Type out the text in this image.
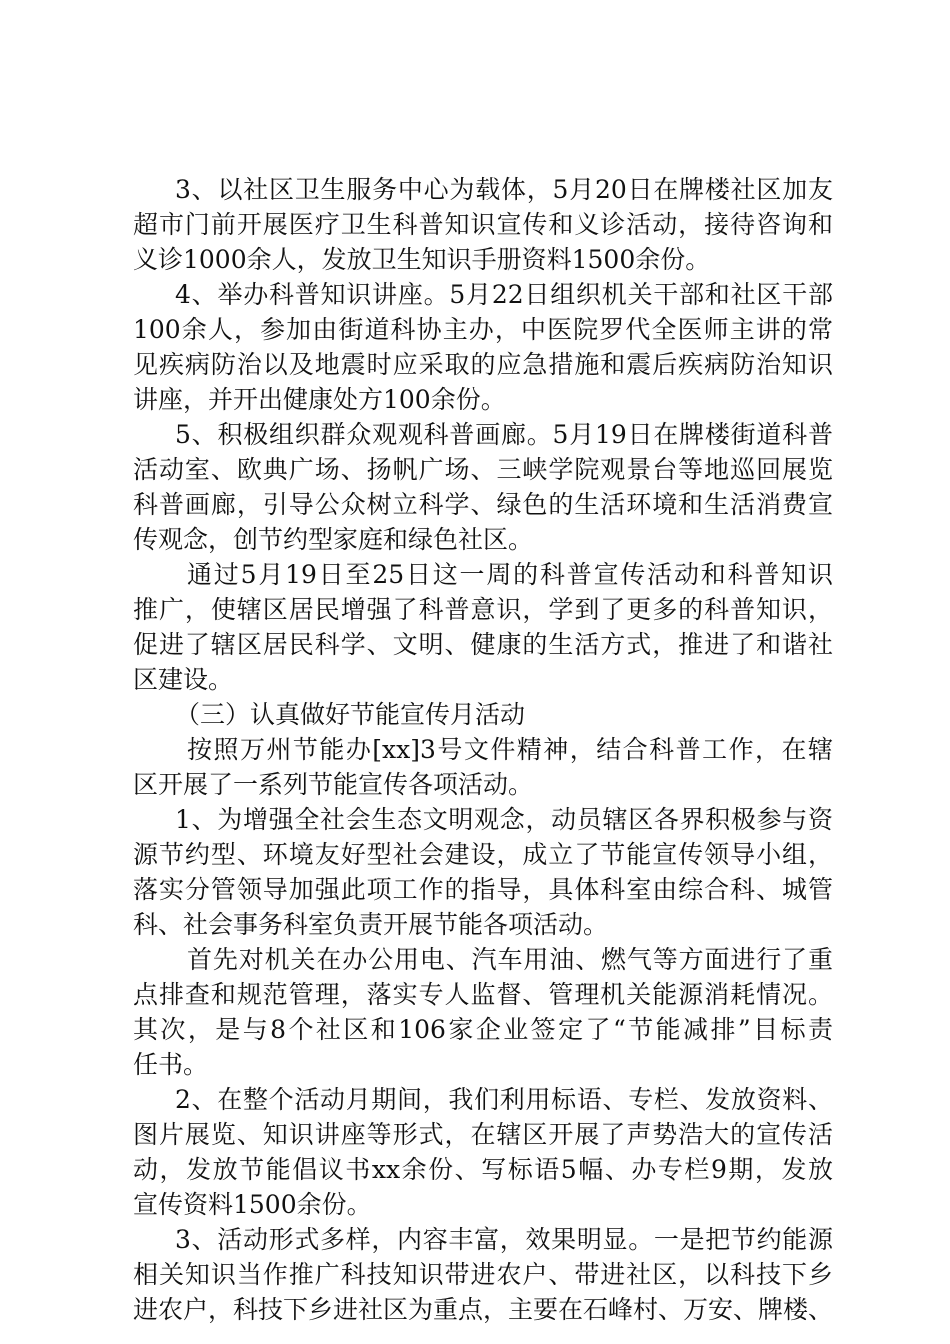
3、以社区卫生服务中心为载体，5月20日在牌楼社区加友
超市门前开展医疗卫生科普知识宣传和义诊活动，接待咨询和
义诊1000余人，发放卫生知识手册资料1500余份。
4、举办科普知识讲座。5月22日组织机关干部和社区干部
100余人，参加由街道科协主办，中医院罗代全医师主讲的常
见疾病防治以及地震时应采取的应急措施和震后疾病防治知识
讲座，并开出健康处方100余份。
5、积极组织群众观观科普画廊。5月19日在牌楼街道科普
活动室、欧典广场、扬帆广场、三峡学院观景台等地巡回展览
科普画廊，引导公众树立科学、绿色的生活环境和生活消费宣
传观念，创节约型家庭和绿色社区。
通过5月19日至25日这一周的科普宣传活动和科普知识
推广，使辖区居民增强了科普意识，学到了更多的科普知识，
促进了辖区居民科学、文明、健康的生活方式，推进了和谐社
区建设。
（三）认真做好节能宣传月活动
按照万州节能办[xx]3号文件精神，结合科普工作，在辖
区开展了一系列节能宣传各项活动。
1、为增强全社会生态文明观念，动员辖区各界积极参与资
源节约型、环境友好型社会建设，成立了节能宣传领导小组，
落实分管领导加强此项工作的指导，具体科室由综合科、城管
科、社会事务科室负责开展节能各项活动。
首先对机关在办公用电、汽车用油、燃气等方面进行了重
点排查和规范管理，落实专人监督、管理机关能源消耗情况。
其次，是与8个社区和106家企业签定了“节能减排”目标责
任书。
2、在整个活动月期间，我们利用标语、专栏、发放资料、
图片展览、知识讲座等形式，在辖区开展了声势浩大的宣传活
动，发放节能倡议书xx余份、写标语5幅、办专栏9期，发放
宣传资料1500余份。
3、活动形式多样，内容丰富，效果明显。一是把节约能源
相关知识当作推广科技知识带进农户、带进社区，以科技下乡
进农户，科技下乡进社区为重点，主要在石峰村、万安、牌楼、
